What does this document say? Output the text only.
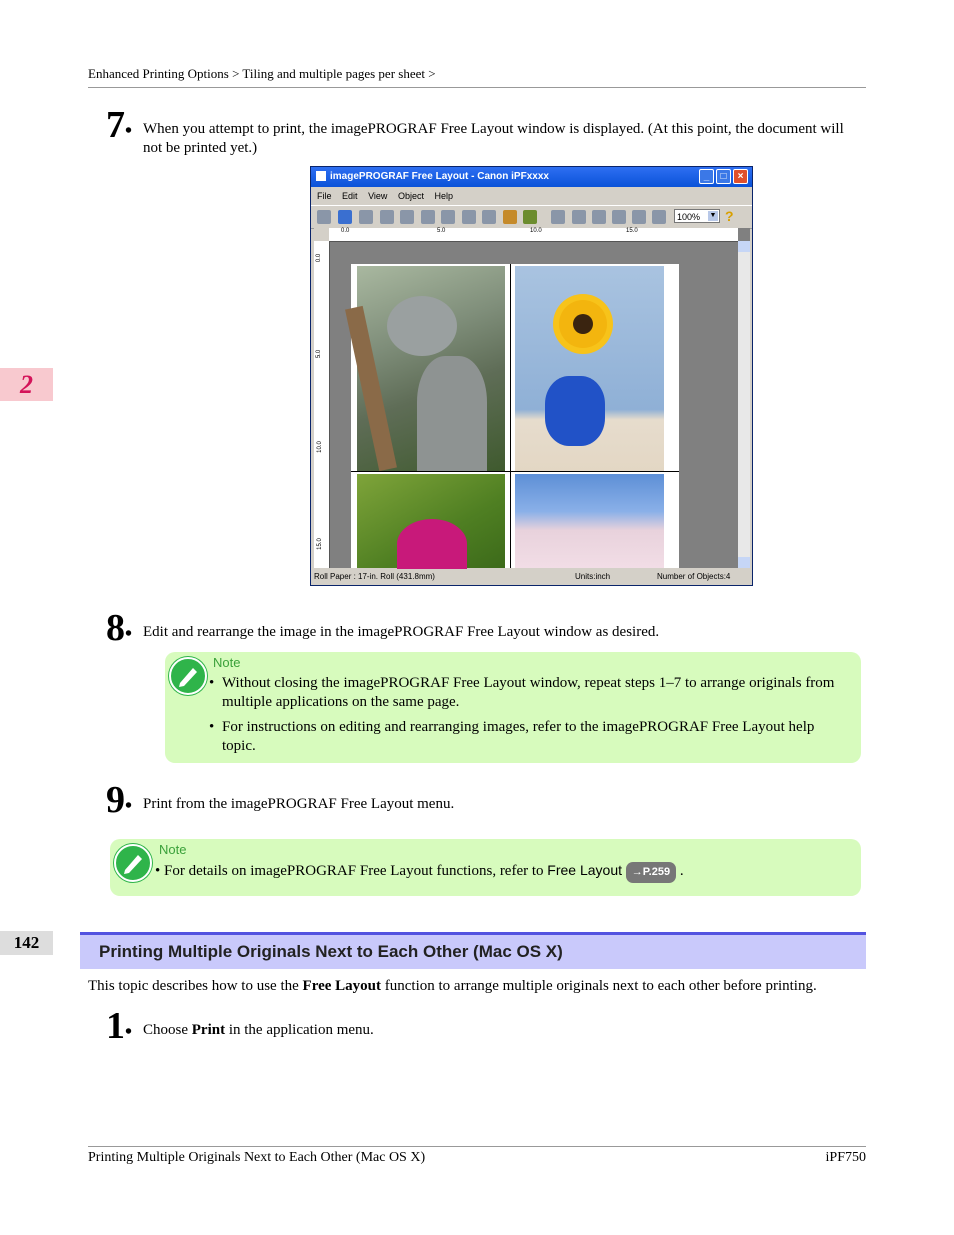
Enhanced Printing Options > Tiling and multiple pages per sheet >
2
142
7• When you attempt to print, the imagePROGRAF Free Layout window is displayed. (At this point, the document will not be printed yet.)
imagePROGRAF Free Layout - Canon iPFxxxx	_	□	×
File Edit View Object Help
100% ▼ ?
0.0	5.0	10.0	15.0
0.0
5.0
10.0
15.0
Roll Paper : 17-in. Roll (431.8mm)	Units:inch	Number of Objects:4
8• Edit and rearrange the image in the imagePROGRAF Free Layout window as desired.
Note
• Without closing the imagePROGRAF Free Layout window, repeat steps 1–7 to arrange originals from multiple applications on the same page.
• For instructions on editing and rearranging images, refer to the imagePROGRAF Free Layout help topic.
9• Print from the imagePROGRAF Free Layout menu.
Note
• For details on imagePROGRAF Free Layout functions, refer to Free Layout →P.259 .
Printing Multiple Originals Next to Each Other (Mac OS X)
This topic describes how to use the Free Layout function to arrange multiple originals next to each other before printing.
1• Choose Print in the application menu.
Printing Multiple Originals Next to Each Other (Mac OS X)	iPF750
